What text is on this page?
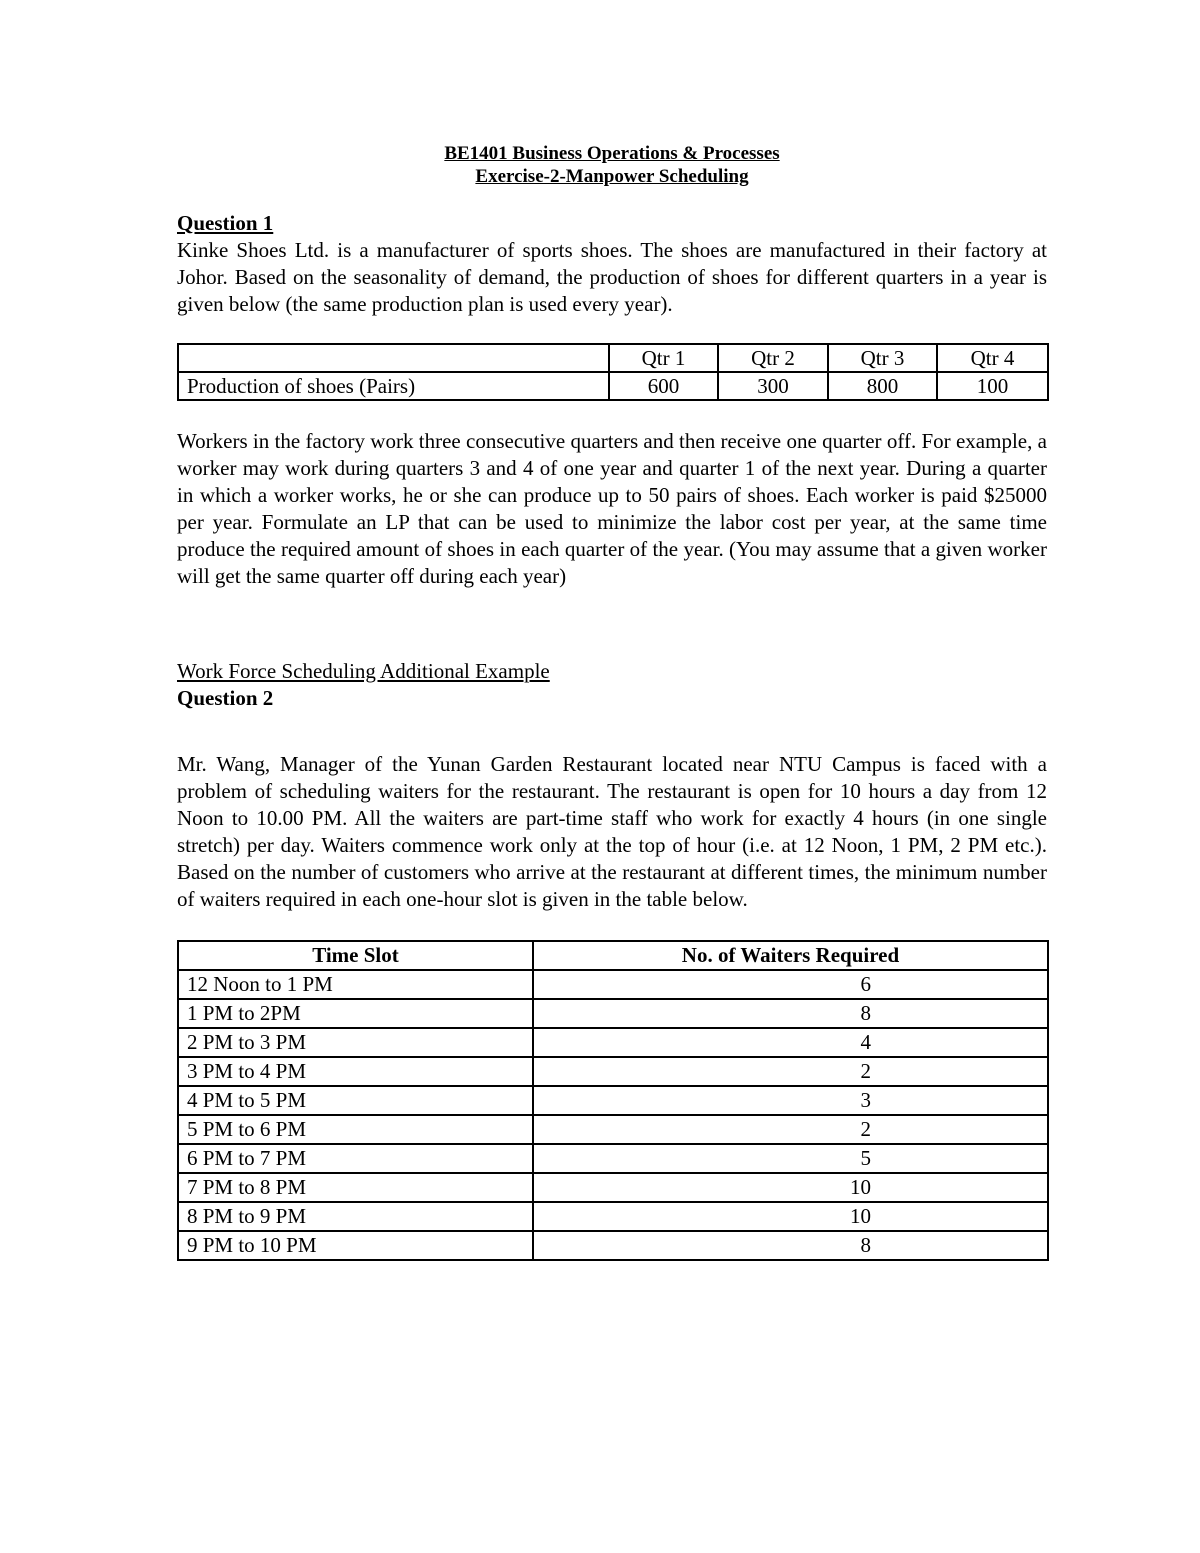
BE1401 Business Operations & Processes
Exercise-2-Manpower Scheduling
Question 1

Kinke Shoes Ltd. is a manufacturer of sports shoes. The shoes are manufactured in their factory at Johor. Based on the seasonality of demand, the production of shoes for different quarters in a year is given below (the same production plan is used every year).

	Qtr 1	Qtr 2	Qtr 3	Qtr 4
Production of shoes (Pairs)	600	300	800	100

Workers in the factory work three consecutive quarters and then receive one quarter off. For example, a worker may work during quarters 3 and 4 of one year and quarter 1 of the next year. During a quarter in which a worker works, he or she can produce up to 50 pairs of shoes. Each worker is paid $25000 per year. Formulate an LP that can be used to minimize the labor cost per year, at the same time produce the required amount of shoes in each quarter of the year. (You may assume that a given worker will get the same quarter off during each year)

Work Force Scheduling Additional Example
Question 2

Mr. Wang, Manager of the Yunan Garden Restaurant located near NTU Campus is faced with a problem of scheduling waiters for the restaurant. The restaurant is open for 10 hours a day from 12 Noon to 10.00 PM. All the waiters are part-time staff who work for exactly 4 hours (in one single stretch) per day. Waiters commence work only at the top of hour (i.e. at 12 Noon, 1 PM, 2 PM etc.). Based on the number of customers who arrive at the restaurant at different times, the minimum number of waiters required in each one-hour slot is given in the table below.

Time Slot	No. of Waiters Required
12 Noon to 1 PM	6
1 PM to 2PM	8
2 PM to 3 PM	4
3 PM to 4 PM	2
4 PM to 5 PM	3
5 PM to 6 PM	2
6 PM to 7 PM	5
7 PM to 8 PM	10
8 PM to 9 PM	10
9 PM to 10 PM	8
